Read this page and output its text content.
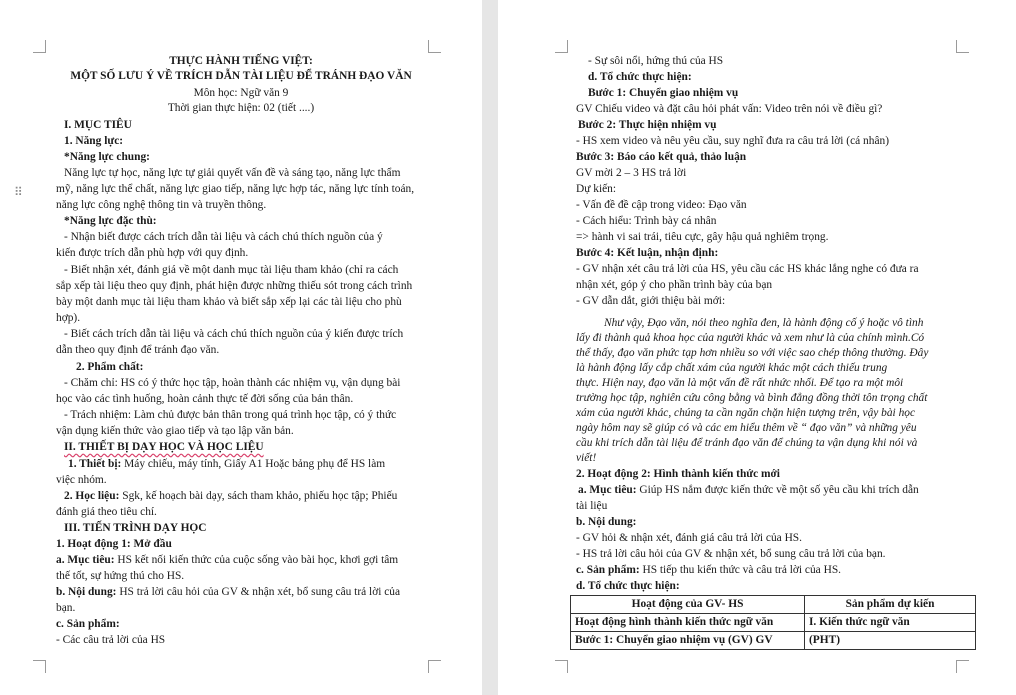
⠿
THỰC HÀNH TIẾNG VIỆT:
MỘT SỐ LƯU Ý VỀ TRÍCH DẪN TÀI LIỆU ĐỂ TRÁNH ĐẠO VĂN
Môn học: Ngữ văn 9
Thời gian thực hiện: 02 (tiết ....)
I. MỤC TIÊU
1. Năng lực:
*Năng lực chung:
Năng lực tự học, năng lực tự giải quyết vấn đề và sáng tạo, năng lực thẩm
mỹ, năng lực thể chất, năng lực giao tiếp, năng lực hợp tác, năng lực tính toán,
năng lực công nghệ thông tin và truyền thông.
*Năng lực đặc thù:
- Nhận biết được cách trích dẫn tài liệu và cách chú thích nguồn của ý
kiến được trích dẫn phù hợp với quy định.
- Biết nhận xét, đánh giá về một danh mục tài liệu tham khảo (chỉ ra cách
sắp xếp tài liệu theo quy định, phát hiện được những thiếu sót trong cách trình
bày một danh mục tài liệu tham khảo và biết sắp xếp lại các tài liệu cho phù
hợp).
- Biết cách trích dẫn tài liệu và cách chú thích nguồn của ý kiến được trích
dẫn theo quy định để tránh đạo văn.
2. Phẩm chất:
- Chăm chỉ: HS có ý thức học tập, hoàn thành các nhiệm vụ, vận dụng bài
học vào các tình huống, hoàn cảnh thực tế đời sống của bản thân.
- Trách nhiệm: Làm chủ được bản thân trong quá trình học tập, có ý thức
vận dụng kiến thức vào giao tiếp và tạo lập văn bản.
II. THIẾT BỊ DẠY HỌC VÀ HỌC LIỆU
1. Thiết bị: Máy chiếu, máy tính, Giấy A1 Hoặc bảng phụ để HS làm
việc nhóm.
2. Học liệu: Sgk, kế hoạch bài dạy, sách tham khảo, phiếu học tập; Phiếu
đánh giá theo tiêu chí.
III. TIẾN TRÌNH DẠY HỌC
1. Hoạt động 1: Mở đầu
a. Mục tiêu: HS kết nối kiến thức của cuộc sống vào bài học, khơi gợi tâm
thế tốt, sự hứng thú cho HS.
b. Nội dung: HS trả lời câu hỏi của GV & nhận xét, bổ sung câu trả lời của
bạn.
c. Sản phẩm:
- Các câu trả lời của HS
- Sự sôi nổi, hứng thú của HS
d. Tổ chức thực hiện:
Bước 1: Chuyển giao nhiệm vụ
GV Chiếu video và đặt câu hỏi phát vấn: Video trên nói về điều gì?
Bước 2: Thực hiện nhiệm vụ
- HS xem video và nêu yêu cầu, suy nghĩ đưa ra câu trả lời (cá nhân)
Bước 3: Báo cáo kết quả, thảo luận
GV mời 2 – 3 HS trả lời
Dự kiến:
- Vấn đề đề cập trong video: Đạo văn
- Cách hiểu: Trình bày cá nhân
=> hành vi sai trái, tiêu cực, gây hậu quả nghiêm trọng.
Bước 4: Kết luận, nhận định:
- GV nhận xét câu trả lời của HS, yêu cầu các HS khác lắng nghe có đưa ra
nhận xét, góp ý cho phần trình bày của bạn
- GV dẫn dắt, giới thiệu bài mới:
Như vậy, Đạo văn, nói theo nghĩa đen, là hành động cố ý hoặc vô tình
lấy đi thành quả khoa học của người khác và xem như là của chính mình.Có
thể thấy, đạo văn phức tạp hơn nhiều so với việc sao chép thông thường. Đây
là hành động lấy cắp chất xám của người khác một cách thiếu trung
thực. Hiện nay, đạo văn là một vấn đề rất nhức nhối. Để tạo ra một môi
trường học tập, nghiên cứu công bằng và bình đẳng đồng thời tôn trọng chất
xám của người khác, chúng ta cần ngăn chặn hiện tượng trên, vậy bài học
ngày hôm nay sẽ giúp có và các em hiểu thêm về “ đạo văn” và những yêu
cầu khi trích dẫn tài liệu để tránh đạo văn để chúng ta vận dụng khi nói và
viết!
2. Hoạt động 2: Hình thành kiến thức mới
a. Mục tiêu: Giúp HS nắm được kiến thức về một số yêu cầu khi trích dẫn
tài liệu
b. Nội dung:
- GV hỏi & nhận xét, đánh giá câu trả lời của HS.
- HS trả lời câu hỏi của GV & nhận xét, bổ sung câu trả lời của bạn.
c. Sản phẩm: HS tiếp thu kiến thức và câu trả lời của HS.
d. Tổ chức thực hiện:
Hoạt động của GV- HS	Sản phẩm dự kiến
Hoạt động hình thành kiến thức ngữ văn	I. Kiến thức ngữ văn
Bước 1: Chuyển giao nhiệm vụ (GV) GV	(PHT)
